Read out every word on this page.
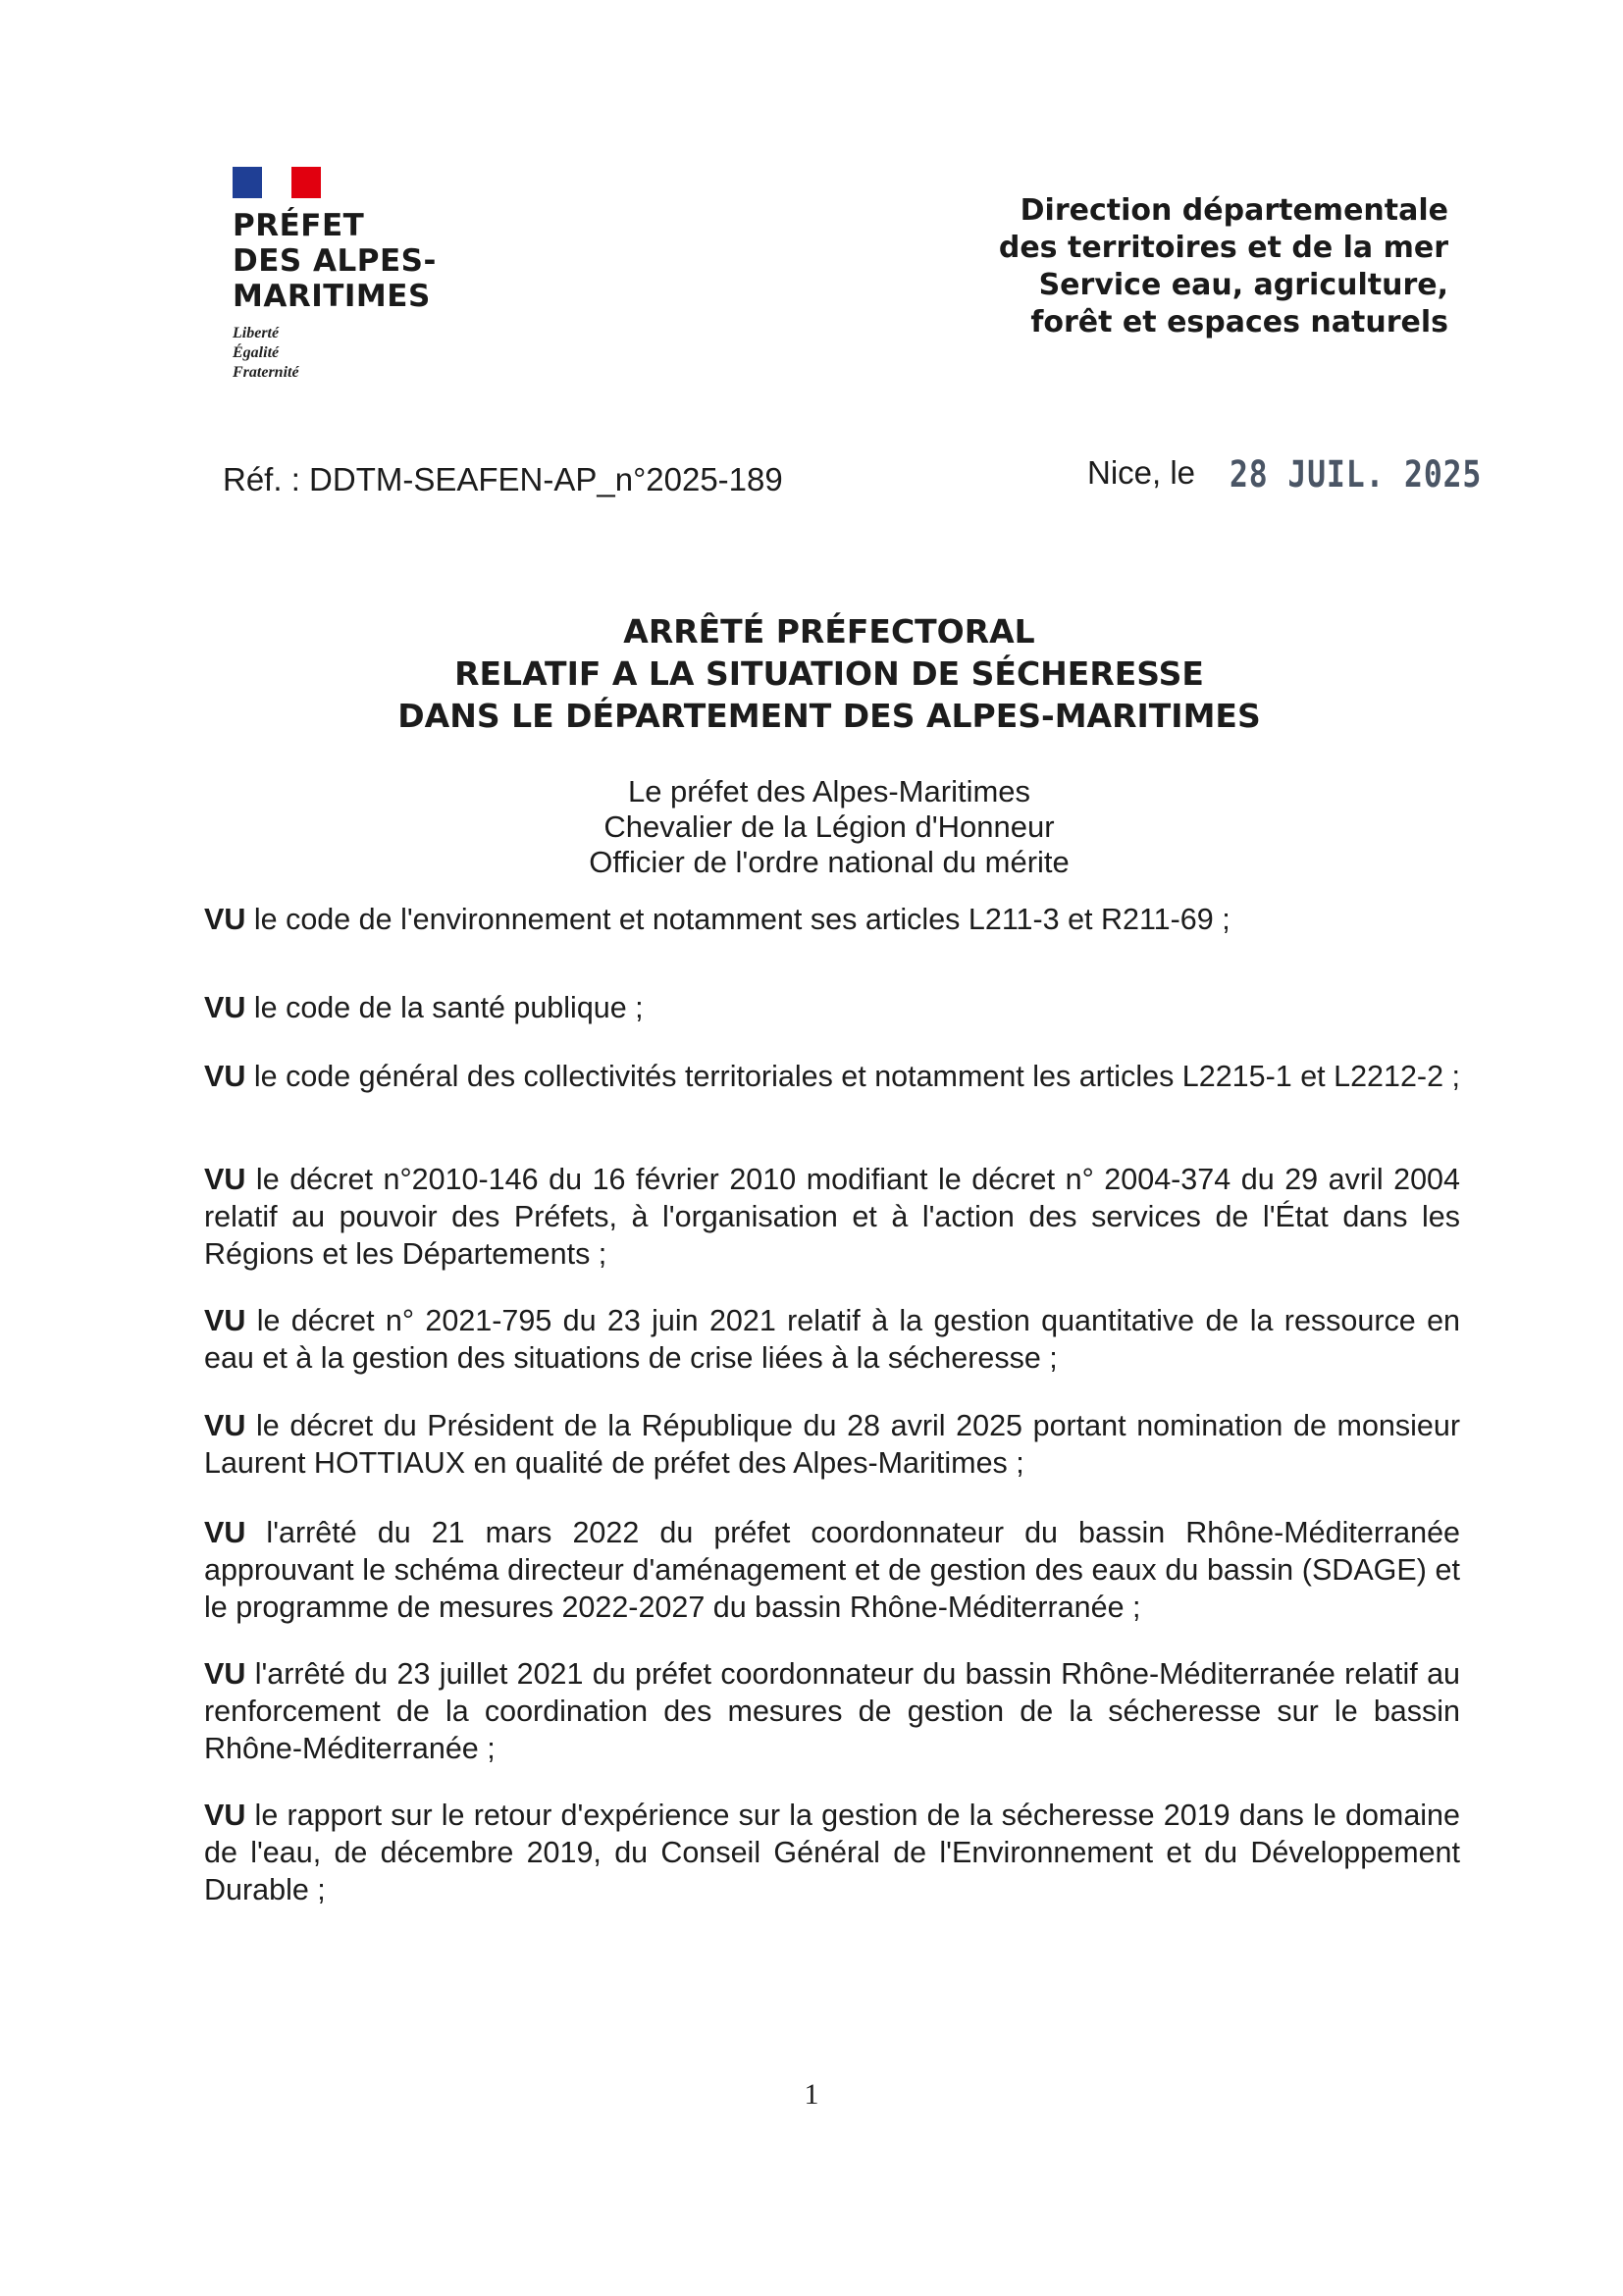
PRÉFET
DES ALPES-
MARITIMES
Liberté
Égalité
Fraternité
Direction départementale
des territoires et de la mer
Service eau, agriculture,
forêt et espaces naturels
Réf. : DDTM-SEAFEN-AP_n°2025-189	Nice, le 28 JUIL. 2025
ARRÊTÉ PRÉFECTORAL
RELATIF A LA SITUATION DE SÉCHERESSE
DANS LE DÉPARTEMENT DES ALPES-MARITIMES
Le préfet des Alpes-Maritimes
Chevalier de la Légion d'Honneur
Officier de l'ordre national du mérite

VU le code de l'environnement et notamment ses articles L211-3 et R211-69 ;

VU le code de la santé publique ;

VU le code général des collectivités territoriales et notamment les articles L2215-1 et L2212-2 ;

VU le décret n°2010-146 du 16 février 2010 modifiant le décret n° 2004-374 du 29 avril 2004 relatif au pouvoir des Préfets, à l'organisation et à l'action des services de l'État dans les Régions et les Départements ;

VU le décret n° 2021-795 du 23 juin 2021 relatif à la gestion quantitative de la ressource en eau et à la gestion des situations de crise liées à la sécheresse ;

VU le décret du Président de la République du 28 avril 2025 portant nomination de monsieur Laurent HOTTIAUX en qualité de préfet des Alpes-Maritimes ;

VU l'arrêté du 21 mars 2022 du préfet coordonnateur du bassin Rhône-Méditerranée approuvant le schéma directeur d'aménagement et de gestion des eaux du bassin (SDAGE) et le programme de mesures 2022-2027 du bassin Rhône-Méditerranée ;

VU l'arrêté du 23 juillet 2021 du préfet coordonnateur du bassin Rhône-Méditerranée relatif au renforcement de la coordination des mesures de gestion de la sécheresse sur le bassin Rhône-Méditerranée ;

VU le rapport sur le retour d'expérience sur la gestion de la sécheresse 2019 dans le domaine de l'eau, de décembre 2019, du Conseil Général de l'Environnement et du Développement Durable ;

1
